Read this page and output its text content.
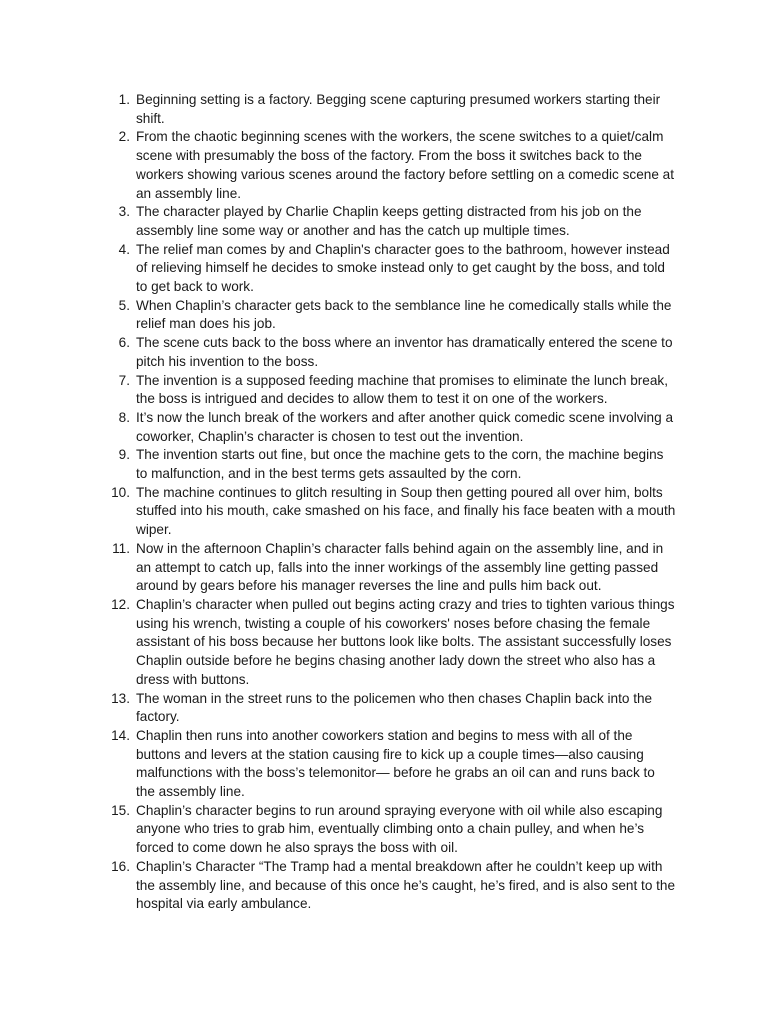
1. Beginning setting is a factory. Begging scene capturing presumed workers starting their shift.
2. From the chaotic beginning scenes with the workers, the scene switches to a quiet/calm scene with presumably the boss of the factory. From the boss it switches back to the workers showing various scenes around the factory before settling on a comedic scene at an assembly line.
3. The character played by Charlie Chaplin keeps getting distracted from his job on the assembly line some way or another and has the catch up multiple times.
4. The relief man comes by and Chaplin's character goes to the bathroom, however instead of relieving himself he decides to smoke instead only to get caught by the boss, and told to get back to work.
5. When Chaplin’s character gets back to the semblance line he comedically stalls while the relief man does his job.
6. The scene cuts back to the boss where an inventor has dramatically entered the scene to pitch his invention to the boss.
7. The invention is a supposed feeding machine that promises to eliminate the lunch break, the boss is intrigued and decides to allow them to test it on one of the workers.
8. It’s now the lunch break of the workers and after another quick comedic scene involving a coworker, Chaplin’s character is chosen to test out the invention.
9. The invention starts out fine, but once the machine gets to the corn, the machine begins to malfunction, and in the best terms gets assaulted by the corn.
10. The machine continues to glitch resulting in Soup then getting poured all over him, bolts stuffed into his mouth, cake smashed on his face, and finally his face beaten with a mouth wiper.
11. Now in the afternoon Chaplin’s character falls behind again on the assembly line, and in an attempt to catch up, falls into the inner workings of the assembly line getting passed around by gears before his manager reverses the line and pulls him back out.
12. Chaplin’s character when pulled out begins acting crazy and tries to tighten various things using his wrench, twisting a couple of his coworkers' noses before chasing the female assistant of his boss because her buttons look like bolts. The assistant successfully loses Chaplin outside before he begins chasing another lady down the street who also has a dress with buttons.
13. The woman in the street runs to the policemen who then chases Chaplin back into the factory.
14. Chaplin then runs into another coworkers station and begins to mess with all of the buttons and levers at the station causing fire to kick up a couple times—also causing malfunctions with the boss’s telemonitor— before he grabs an oil can and runs back to the assembly line.
15. Chaplin’s character begins to run around spraying everyone with oil while also escaping anyone who tries to grab him, eventually climbing onto a chain pulley, and when he’s forced to come down he also sprays the boss with oil.
16. Chaplin’s Character “The Tramp had a mental breakdown after he couldn’t keep up with the assembly line, and because of this once he’s caught, he’s fired, and is also sent to the hospital via early ambulance.
